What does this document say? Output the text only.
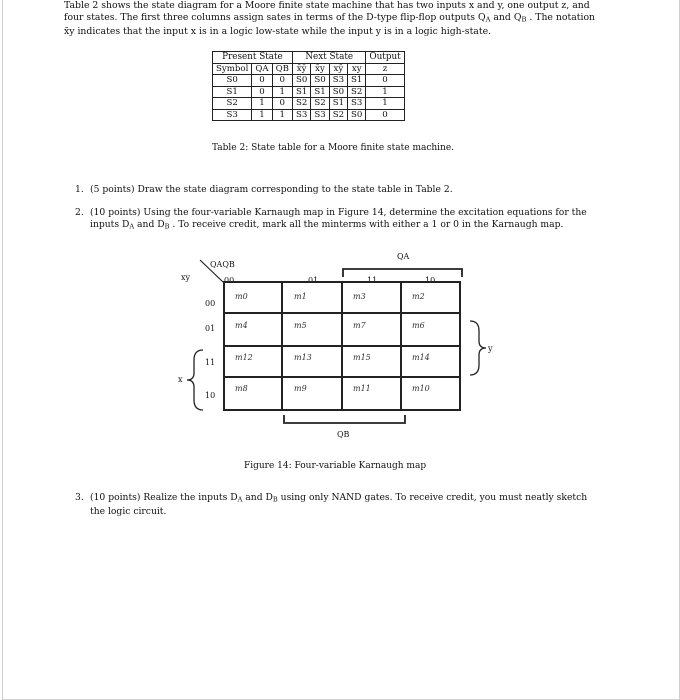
Table 2 shows the state diagram for a Moore finite state machine that has two inputs x and y, one output z, and
four states. The first three columns assign sates in terms of the D-type flip-flop outputs $Q_A$ and $Q_B$ . The notation
x̄y indicates that the input x is in a logic low-state while the input y is in a logic high-state.
Present State			Next State				Output
Symbol	QA	QB	x̄ȳ	x̄y	xȳ	xy	z
S0	0	0	S0	S0	S3	S1	0
S1	0	1	S1	S1	S0	S2	1
S2	1	0	S2	S2	S1	S3	1
S3	1	1	S3	S3	S2	S0	0
Table 2: State table for a Moore finite state machine.
1. (5 points) Draw the state diagram corresponding to the state table in Table 2.
2. (10 points) Using the four-variable Karnaugh map in Figure 14, determine the excitation equations for the
inputs $D_A$ and $D_B$ . To receive credit, mark all the minterms with either a 1 or 0 in the Karnaugh map.
QAQB
xy	00	01	11	10
00
01
11
10
m0	m1	m3	m2
m4	m5	m7	m6
m12	m13	m15	m14
m8	m9	m11	m10
QA
QB
y
x
Figure 14: Four-variable Karnaugh map
3. (10 points) Realize the inputs $D_A$ and $D_B$ using only NAND gates. To receive credit, you must neatly sketch
the logic circuit.
